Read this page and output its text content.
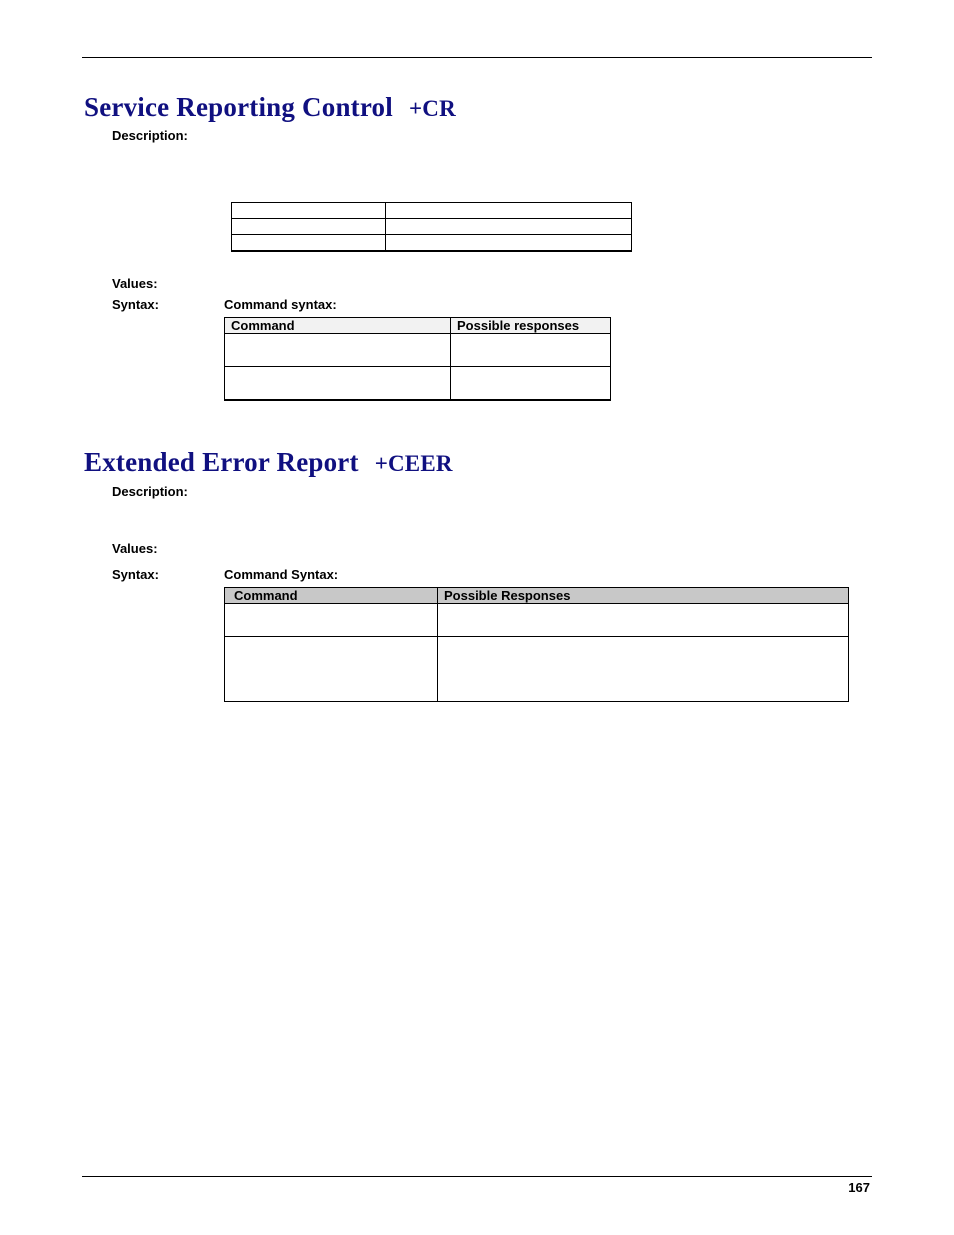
Service Reporting Control +CR
Description:

Values:
Syntax:	Command syntax:
Command	Possible responses

Extended Error Report +CEER
Description:
Values:
Syntax:	Command Syntax:
Command	Possible Responses

167
